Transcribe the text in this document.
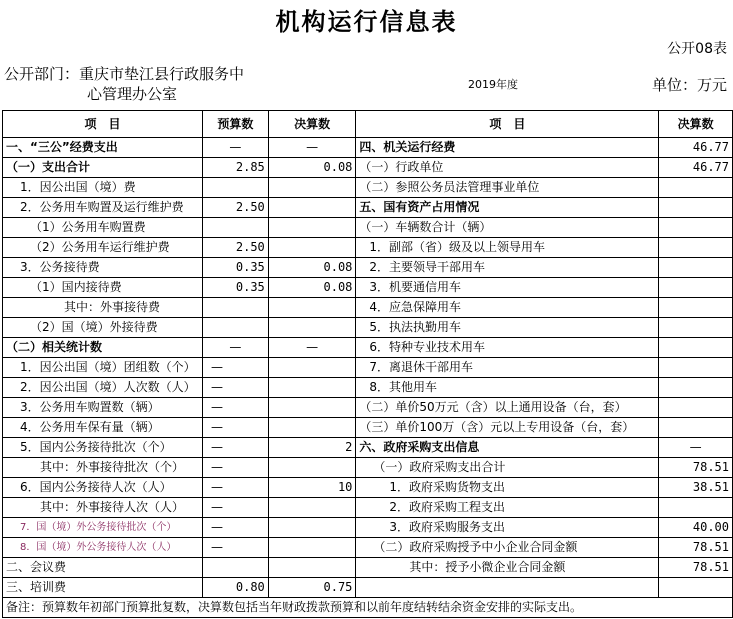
机构运行信息表
公开08表
公开部门：重庆市垫江县行政服务中
心管理办公室
2019年度	单位：万元
项　目	预算数	决算数	项　目	决算数
一、“三公”经费支出	—	—	四、机关运行经费	46.77
（一）支出合计	2.85	0.08	（一）行政单位	46.77
1．因公出国（境）费			（二）参照公务员法管理事业单位	
2．公务用车购置及运行维护费	2.50		五、国有资产占用情况	
（1）公务用车购置费			（一）车辆数合计（辆）	
（2）公务用车运行维护费	2.50		1．副部（省）级及以上领导用车	
3．公务接待费	0.35	0.08	2．主要领导干部用车	
（1）国内接待费	0.35	0.08	3．机要通信用车	
其中：外事接待费			4．应急保障用车	
（2）国（境）外接待费			5．执法执勤用车	
（二）相关统计数	—	—	6．特种专业技术用车	
1．因公出国（境）团组数（个）	—		7．离退休干部用车	
2．因公出国（境）人次数（人）	—		8．其他用车	
3．公务用车购置数（辆）	—		（二）单价50万元（含）以上通用设备（台，套）	
4．公务用车保有量（辆）	—		（三）单价100万（含）元以上专用设备（台，套）	
5．国内公务接待批次（个）	—	2	六、政府采购支出信息	—
其中：外事接待批次（个）	—		（一）政府采购支出合计	78.51
6．国内公务接待人次（人）	—	10	1．政府采购货物支出	38.51
其中：外事接待人次（人）	—		2．政府采购工程支出	
7．国（境）外公务接待批次（个）	—		3．政府采购服务支出	40.00
8．国（境）外公务接待人次（人）	—		（二）政府采购授予中小企业合同金额	78.51
二、会议费			其中：授予小微企业合同金额	78.51
三、培训费	0.80	0.75		
备注：预算数年初部门预算批复数，决算数包括当年财政拨款预算和以前年度结转结余资金安排的实际支出。				
